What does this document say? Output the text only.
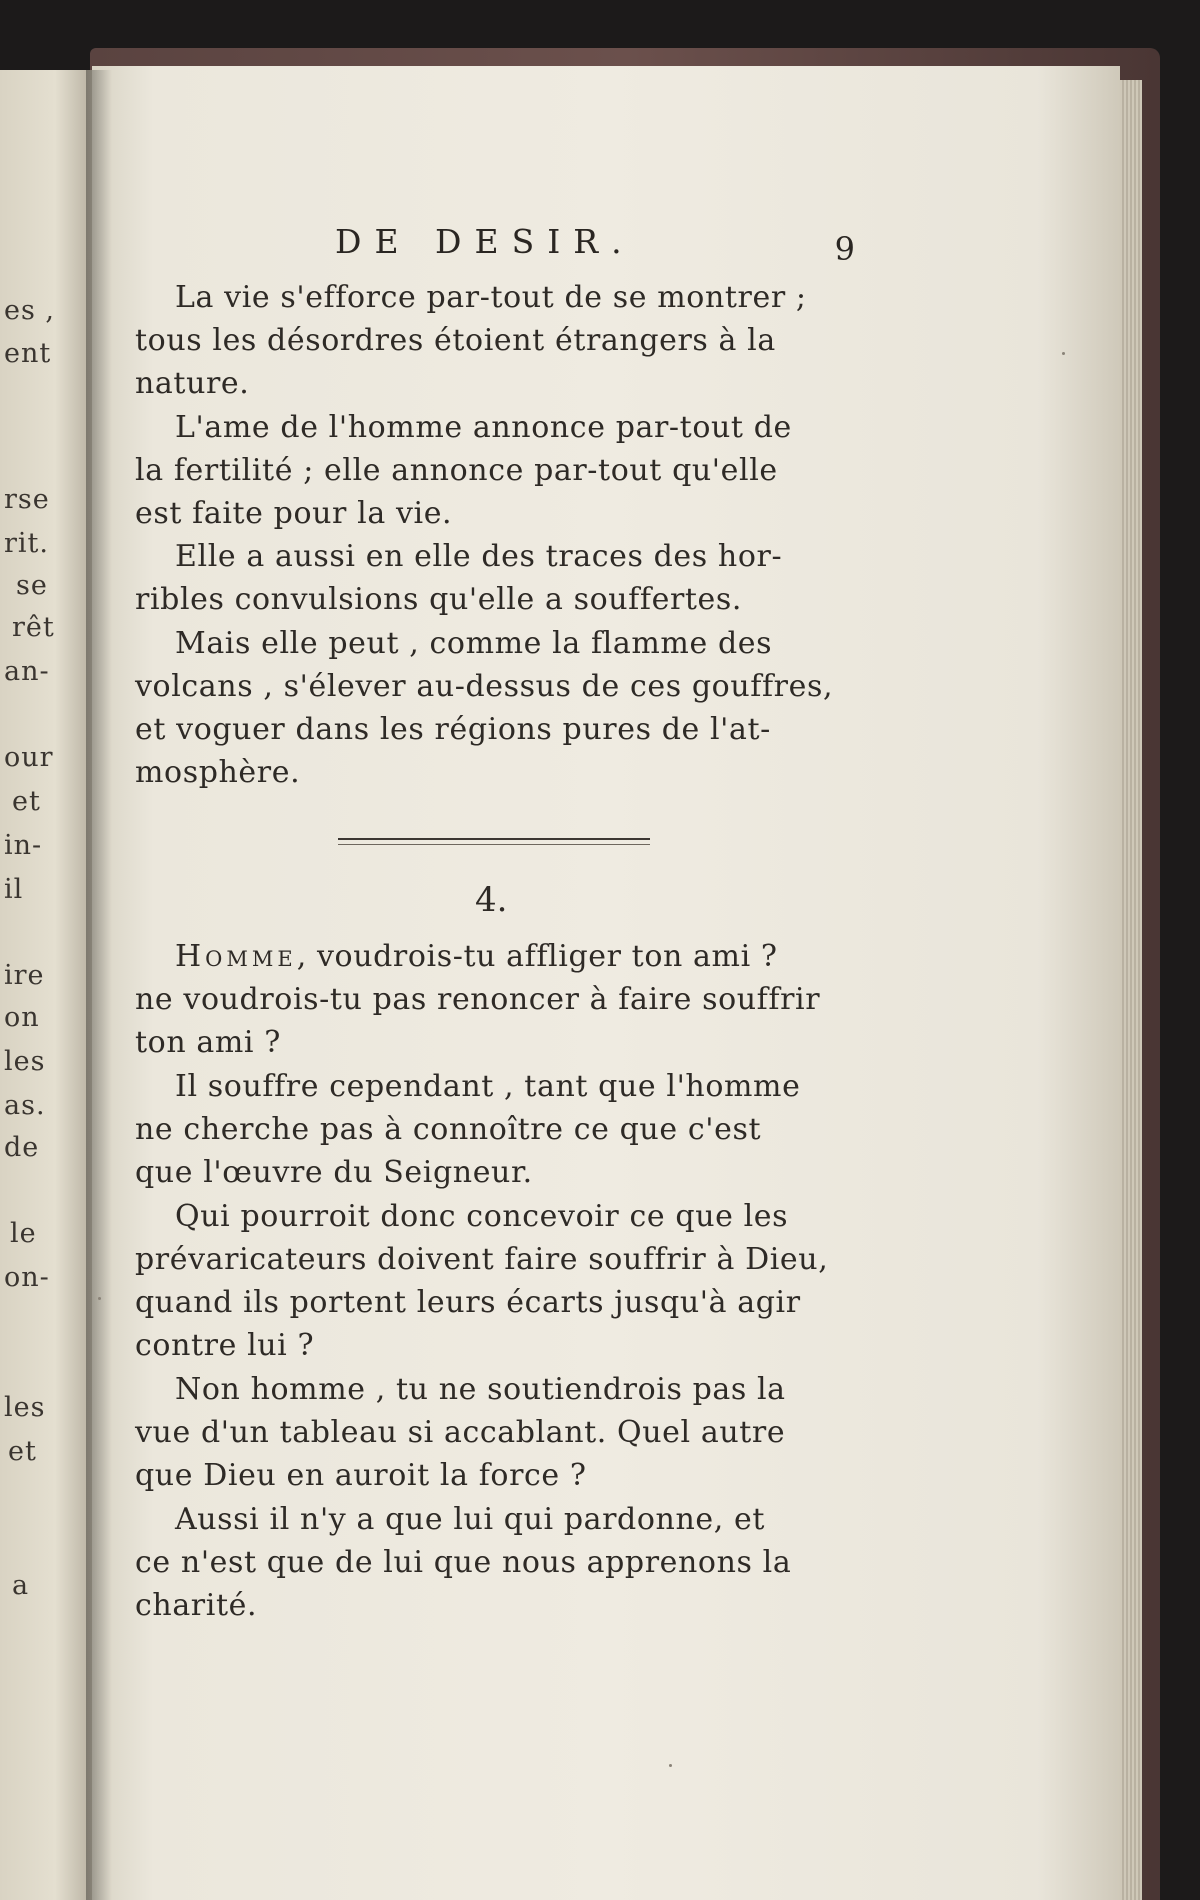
es ,
ent
rse
rit.
se
rêt
an-
our
et
in-
il
ire
on
les
as.
de
le
on-
les
et
a
DE DESIR.	9
La vie s'efforce par-tout de se montrer ;
tous les désordres étoient étrangers à la
nature.
L'ame de l'homme annonce par-tout de
la fertilité ; elle annonce par-tout qu'elle
est faite pour la vie.
Elle a aussi en elle des traces des hor-
ribles convulsions qu'elle a souffertes.
Mais elle peut , comme la flamme des
volcans , s'élever au-dessus de ces gouffres,
et voguer dans les régions pures de l'at-
mosphère.
4.
Homme, voudrois-tu affliger ton ami ?
ne voudrois-tu pas renoncer à faire souffrir
ton ami ?
Il souffre cependant , tant que l'homme
ne cherche pas à connoître ce que c'est
que l'œuvre du Seigneur.
Qui pourroit donc concevoir ce que les
prévaricateurs doivent faire souffrir à Dieu,
quand ils portent leurs écarts jusqu'à agir
contre lui ?
Non homme , tu ne soutiendrois pas la
vue d'un tableau si accablant. Quel autre
que Dieu en auroit la force ?
Aussi il n'y a que lui qui pardonne, et
ce n'est que de lui que nous apprenons la
charité.
